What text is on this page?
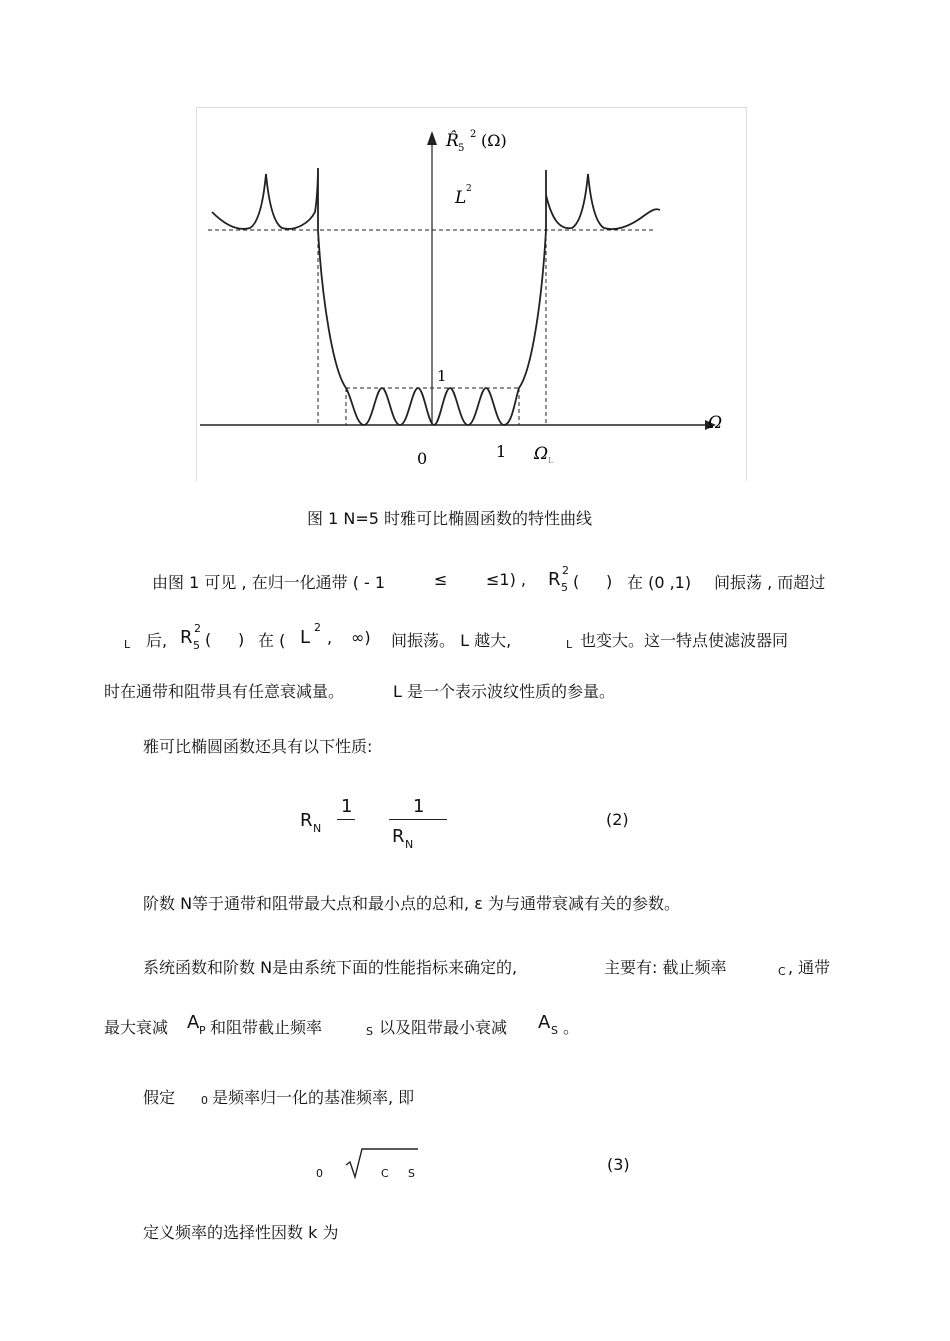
R̂ 5
2 (Ω)
L 2
1
Ω
0	1 Ω L
图 1 N=5 时雅可比椭圆函数的特性曲线
由图 1 可见 , 在归一化通带 ( - 1	≤ ≤1) , R 5
2
( ) 在 (0 ,1) 间振荡 , 而超过
L 后, R 5
2
( ) 在 ( L 2
, ∞) 间振荡。 L 越大,	L 也变大。这一特点使滤波器同
时在通带和阻带具有任意衰减量。	L 是一个表示波纹性质的参量。
雅可比椭圆函数还具有以下性质:
R N
1	1
R N
(2)
阶数 N等于通带和阻带最大点和最小点的总和, ε 为与通带衰减有关的参数。
系统函数和阶数 N是由系统下面的性能指标来确定的,	主要有: 截止频率	C , 通带
最大衰减 A P 和阻带截止频率	S 以及阻带最小衰减 A S 。
假定 0 是频率归一化的基准频率, 即
0	C S	(3)
定义频率的选择性因数 k 为
